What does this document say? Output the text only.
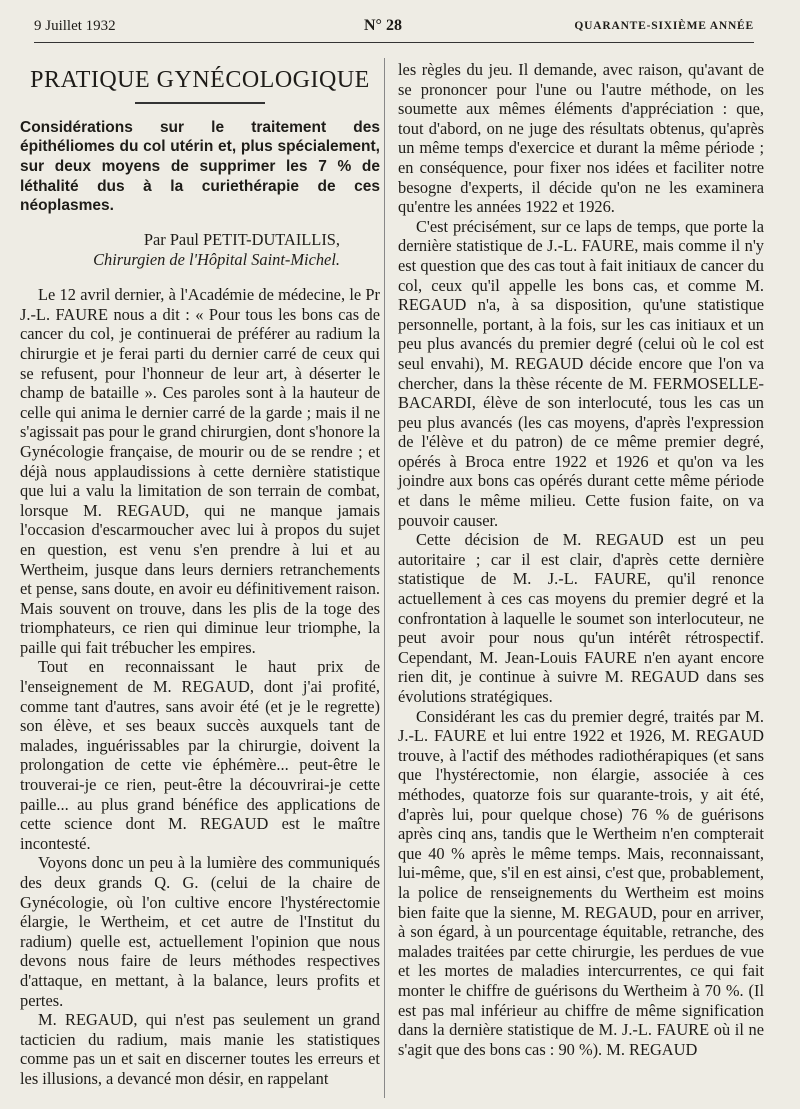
9 Juillet 1932	N° 28	QUARANTE-SIXIÈME ANNÉE
PRATIQUE GYNÉCOLOGIQUE
Considérations sur le traitement des épithéliomes du col utérin et, plus spécialement, sur deux moyens de supprimer les 7 % de léthalité dus à la curiethérapie de ces néoplasmes.

Par Paul PETIT-DUTAILLIS,

Chirurgien de l'Hôpital Saint-Michel.

Le 12 avril dernier, à l'Académie de médecine, le Pr J.-L. FAURE nous a dit : « Pour tous les bons cas de cancer du col, je continuerai de préférer au radium la chirurgie et je ferai parti du dernier carré de ceux qui se refusent, pour l'honneur de leur art, à déserter le champ de bataille ». Ces paroles sont à la hauteur de celle qui anima le dernier carré de la garde ; mais il ne s'agissait pas pour le grand chirurgien, dont s'honore la Gynécologie française, de mourir ou de se rendre ; et déjà nous applaudissions à cette dernière statistique que lui a valu la limitation de son terrain de combat, lorsque M. REGAUD, qui ne manque jamais l'occasion d'escarmoucher avec lui à propos du sujet en question, est venu s'en prendre à lui et au Wertheim, jusque dans leurs derniers retranchements et pense, sans doute, en avoir eu définitivement raison. Mais souvent on trouve, dans les plis de la toge des triomphateurs, ce rien qui diminue leur triomphe, la paille qui fait trébucher les empires.

Tout en reconnaissant le haut prix de l'enseignement de M. REGAUD, dont j'ai profité, comme tant d'autres, sans avoir été (et je le regrette) son élève, et ses beaux succès auxquels tant de malades, inguérissables par la chirurgie, doivent la prolongation de cette vie éphémère... peut-être le trouverai-je ce rien, peut-être la découvrirai-je cette paille... au plus grand bénéfice des applications de cette science dont M. REGAUD est le maître incontesté.

Voyons donc un peu à la lumière des communiqués des deux grands Q. G. (celui de la chaire de Gynécologie, où l'on cultive encore l'hystérectomie élargie, le Wertheim, et cet autre de l'Institut du radium) quelle est, actuellement l'opinion que nous devons nous faire de leurs méthodes respectives d'attaque, en mettant, à la balance, leurs profits et pertes.

M. REGAUD, qui n'est pas seulement un grand tacticien du radium, mais manie les statistiques comme pas un et sait en discerner toutes les erreurs et les illusions, a devancé mon désir, en rappelant

les règles du jeu. Il demande, avec raison, qu'avant de se prononcer pour l'une ou l'autre méthode, on les soumette aux mêmes éléments d'appréciation : que, tout d'abord, on ne juge des résultats obtenus, qu'après un même temps d'exercice et durant la même période ; en conséquence, pour fixer nos idées et faciliter notre besogne d'experts, il décide qu'on ne les examinera qu'entre les années 1922 et 1926.

C'est précisément, sur ce laps de temps, que porte la dernière statistique de J.-L. FAURE, mais comme il n'y est question que des cas tout à fait initiaux de cancer du col, ceux qu'il appelle les bons cas, et comme M. REGAUD n'a, à sa disposition, qu'une statistique personnelle, portant, à la fois, sur les cas initiaux et un peu plus avancés du premier degré (celui où le col est seul envahi), M. REGAUD décide encore que l'on va chercher, dans la thèse récente de M. FERMOSELLE-BACARDI, élève de son interlocuté, tous les cas un peu plus avancés (les cas moyens, d'après l'expression de l'élève et du patron) de ce même premier degré, opérés à Broca entre 1922 et 1926 et qu'on va les joindre aux bons cas opérés durant cette même période et dans le même milieu. Cette fusion faite, on va pouvoir causer.

Cette décision de M. REGAUD est un peu autoritaire ; car il est clair, d'après cette dernière statistique de M. J.-L. FAURE, qu'il renonce actuellement à ces cas moyens du premier degré et la confrontation à laquelle le soumet son interlocuteur, ne peut avoir pour nous qu'un intérêt rétrospectif. Cependant, M. Jean-Louis FAURE n'en ayant encore rien dit, je continue à suivre M. REGAUD dans ses évolutions stratégiques.

Considérant les cas du premier degré, traités par M. J.-L. FAURE et lui entre 1922 et 1926, M. REGAUD trouve, à l'actif des méthodes radiothérapiques (et sans que l'hystérectomie, non élargie, associée à ces méthodes, quatorze fois sur quarante-trois, y ait été, d'après lui, pour quelque chose) 76 % de guérisons après cinq ans, tandis que le Wertheim n'en compterait que 40 % après le même temps. Mais, reconnaissant, lui-même, que, s'il en est ainsi, c'est que, probablement, la police de renseignements du Wertheim est moins bien faite que la sienne, M. REGAUD, pour en arriver, à son égard, à un pourcentage équitable, retranche, des malades traitées par cette chirurgie, les perdues de vue et les mortes de maladies intercurrentes, ce qui fait monter le chiffre de guérisons du Wertheim à 70 %. (Il est pas mal inférieur au chiffre de même signification dans la dernière statistique de M. J.-L. FAURE où il ne s'agit que des bons cas : 90 %). M. REGAUD
